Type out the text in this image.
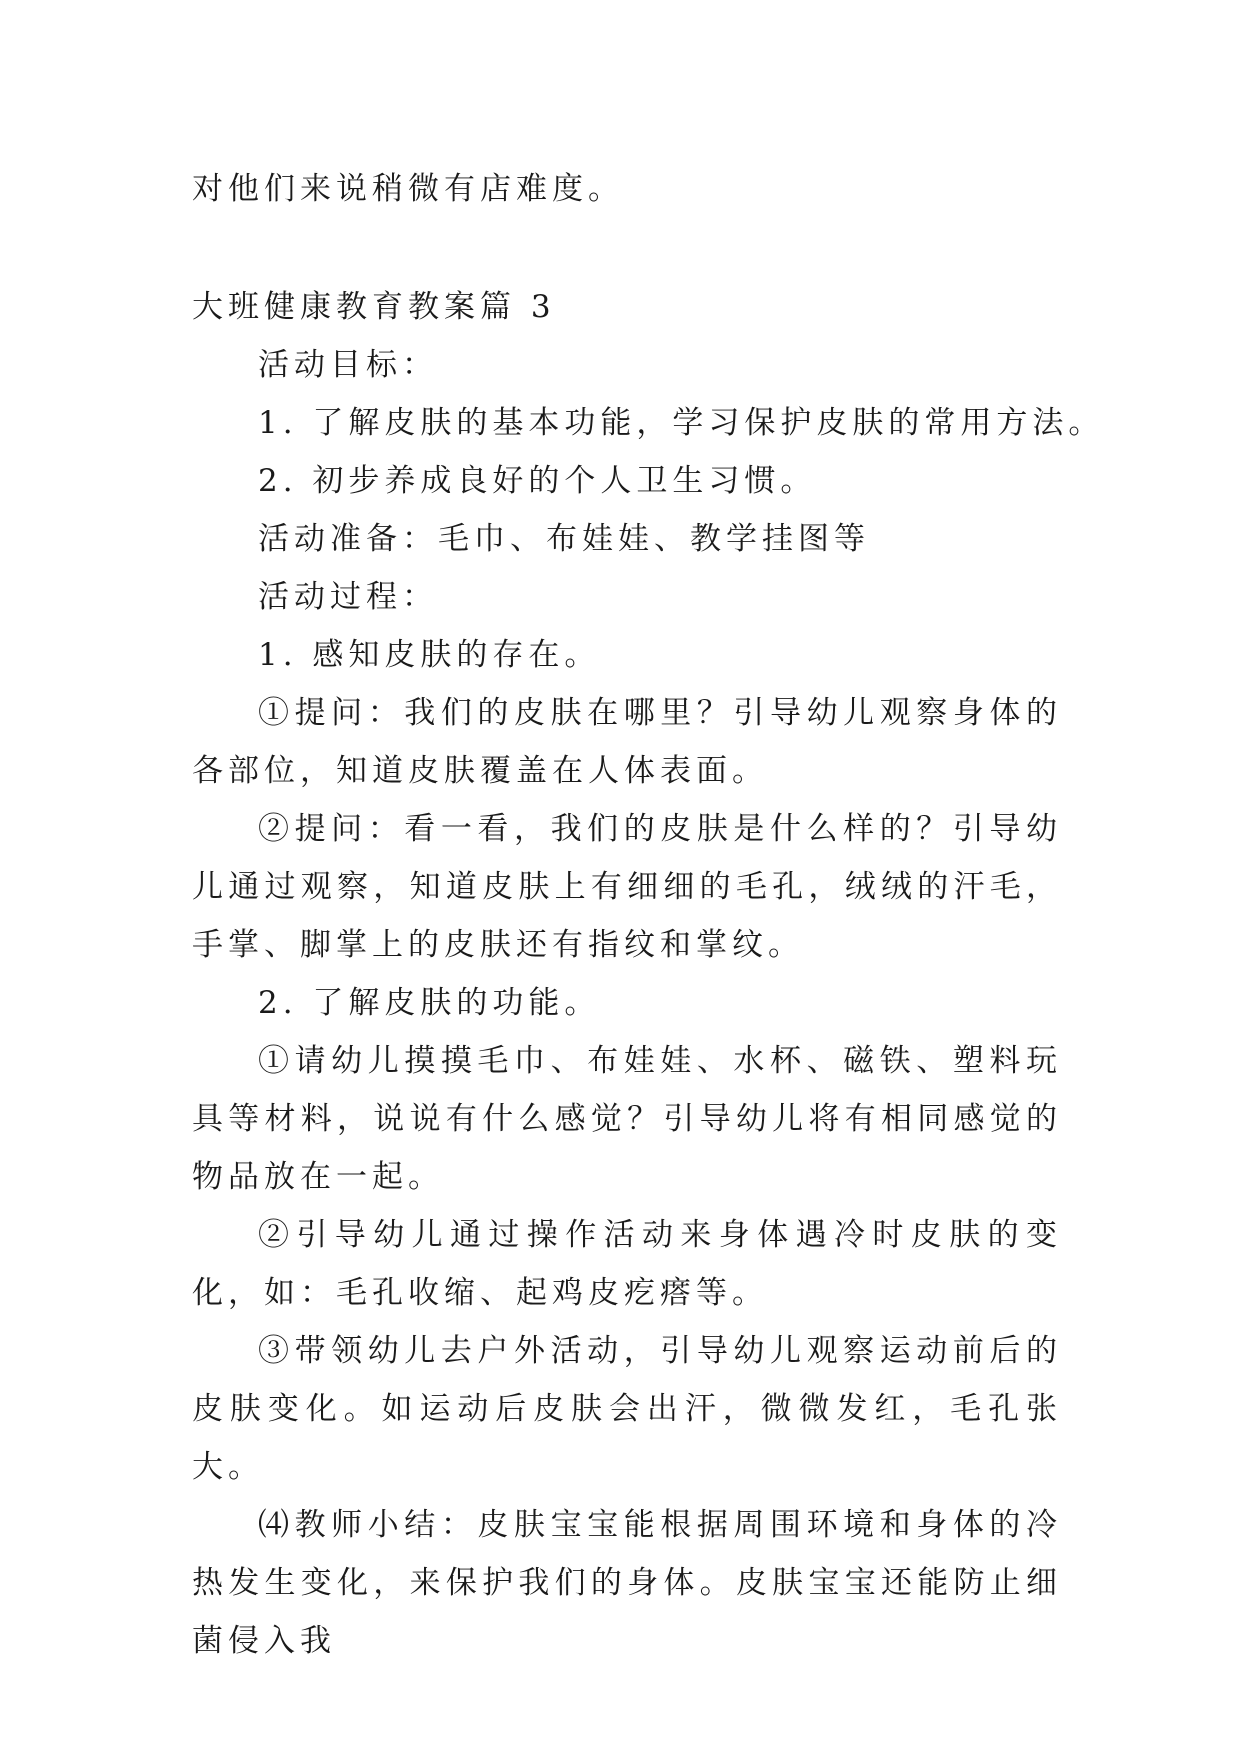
对他们来说稍微有店难度。

大班健康教育教案篇 3

活动目标：

1. 了解皮肤的基本功能，学习保护皮肤的常用方法。

2. 初步养成良好的个人卫生习惯。

活动准备：毛巾、布娃娃、教学挂图等

活动过程：

1. 感知皮肤的存在。

①提问：我们的皮肤在哪里？引导幼儿观察身体的各部位，知道皮肤覆盖在人体表面。

②提问：看一看，我们的皮肤是什么样的？引导幼儿通过观察，知道皮肤上有细细的毛孔，绒绒的汗毛，手掌、脚掌上的皮肤还有指纹和掌纹。

2. 了解皮肤的功能。

①请幼儿摸摸毛巾、布娃娃、水杯、磁铁、塑料玩具等材料，说说有什么感觉？引导幼儿将有相同感觉的物品放在一起。

②引导幼儿通过操作活动来身体遇冷时皮肤的变化，如：毛孔收缩、起鸡皮疙瘩等。

③带领幼儿去户外活动，引导幼儿观察运动前后的皮肤变化。如运动后皮肤会出汗，微微发红，毛孔张大。

⑷教师小结：皮肤宝宝能根据周围环境和身体的冷热发生变化，来保护我们的身体。皮肤宝宝还能防止细菌侵入我
